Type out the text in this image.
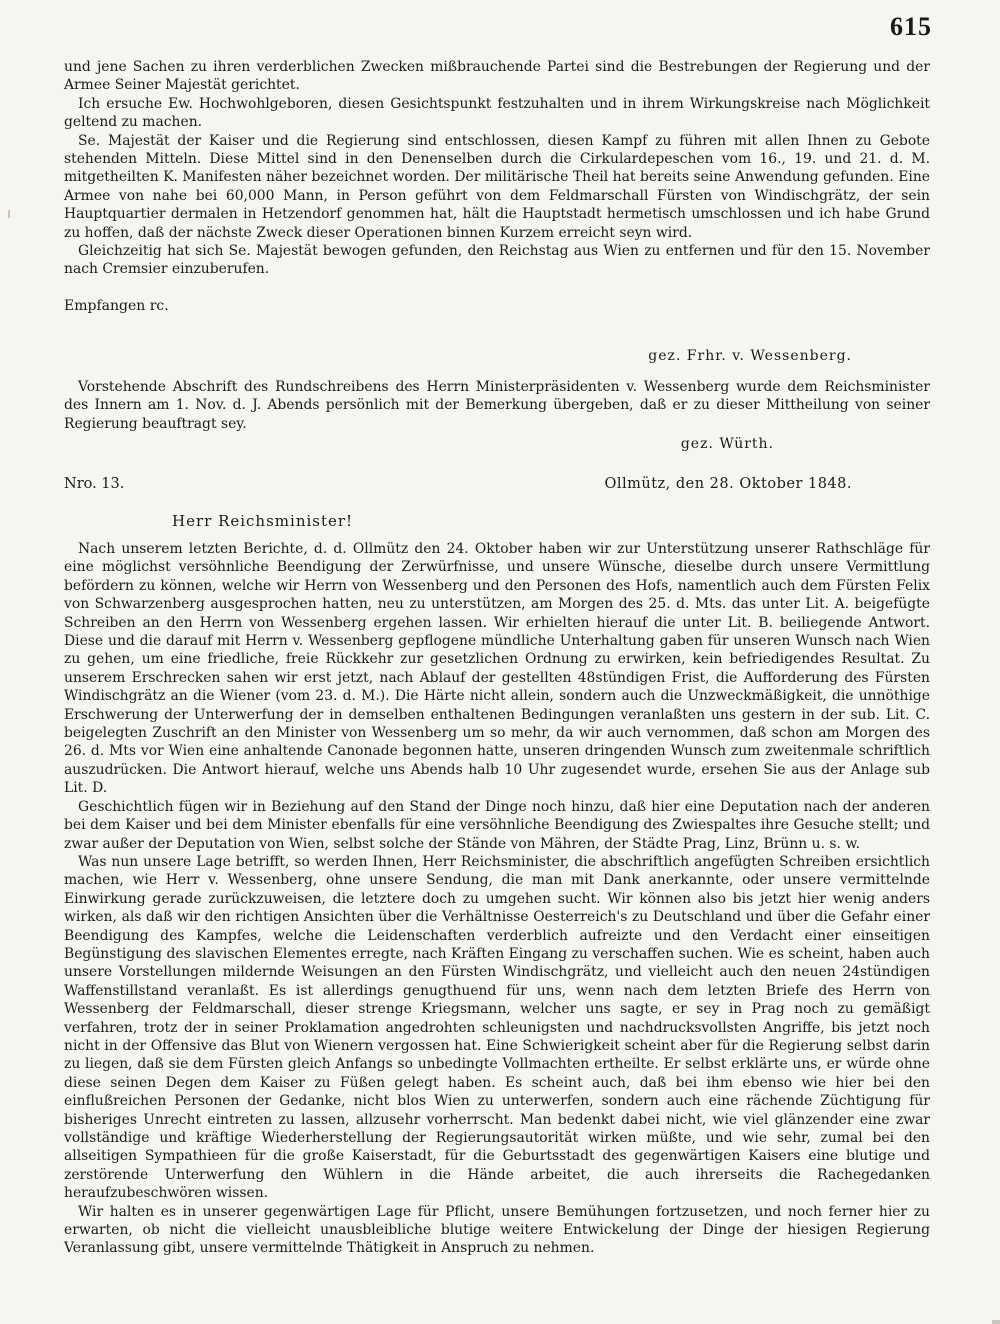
615

und jene Sachen zu ihren verderblichen Zwecken mißbrauchende Partei sind die Bestrebungen der Regierung und der Armee Seiner Majestät gerichtet.

Ich ersuche Ew. Hochwohlgeboren, diesen Gesichtspunkt festzuhalten und in ihrem Wirkungskreise nach Möglichkeit geltend zu machen.

Se. Majestät der Kaiser und die Regierung sind entschlossen, diesen Kampf zu führen mit allen Ihnen zu Gebote stehenden Mitteln. Diese Mittel sind in den Denenselben durch die Cirkulardepeschen vom 16., 19. und 21. d. M. mitgetheilten K. Manifesten näher bezeichnet worden. Der militärische Theil hat bereits seine Anwendung gefunden. Eine Armee von nahe bei 60,000 Mann, in Person geführt von dem Feldmarschall Fürsten von Windischgrätz, der sein Hauptquartier dermalen in Hetzendorf genommen hat, hält die Hauptstadt hermetisch umschlossen und ich habe Grund zu hoffen, daß der nächste Zweck dieser Operationen binnen Kurzem erreicht seyn wird.

Gleichzeitig hat sich Se. Majestät bewogen gefunden, den Reichstag aus Wien zu entfernen und für den 15. November nach Cremsier einzuberufen.

Empfangen rc.
gez. Frhr. v. Wessenberg.

Vorstehende Abschrift des Rundschreibens des Herrn Ministerpräsidenten v. Wessenberg wurde dem Reichsminister des Innern am 1. Nov. d. J. Abends persönlich mit der Bemerkung übergeben, daß er zu dieser Mittheilung von seiner Regierung beauftragt sey.

gez. Würth.
Nro. 13.	Ollmütz, den 28. Oktober 1848.
Herr Reichsminister!

Nach unserem letzten Berichte, d. d. Ollmütz den 24. Oktober haben wir zur Unterstützung unserer Rathschläge für eine möglichst versöhnliche Beendigung der Zerwürfnisse, und unsere Wünsche, dieselbe durch unsere Vermittlung befördern zu können, welche wir Herrn von Wessenberg und den Personen des Hofs, namentlich auch dem Fürsten Felix von Schwarzenberg ausgesprochen hatten, neu zu unterstützen, am Morgen des 25. d. Mts. das unter Lit. A. beigefügte Schreiben an den Herrn von Wessenberg ergehen lassen. Wir erhielten hierauf die unter Lit. B. beiliegende Antwort. Diese und die darauf mit Herrn v. Wessenberg gepflogene mündliche Unterhaltung gaben für unseren Wunsch nach Wien zu gehen, um eine friedliche, freie Rückkehr zur gesetzlichen Ordnung zu erwirken, kein befriedigendes Resultat. Zu unserem Erschrecken sahen wir erst jetzt, nach Ablauf der gestellten 48stündigen Frist, die Aufforderung des Fürsten Windischgrätz an die Wiener (vom 23. d. M.). Die Härte nicht allein, sondern auch die Unzweckmäßigkeit, die unnöthige Erschwerung der Unterwerfung der in demselben enthaltenen Bedingungen veranlaßten uns gestern in der sub. Lit. C. beigelegten Zuschrift an den Minister von Wessenberg um so mehr, da wir auch vernommen, daß schon am Morgen des 26. d. Mts vor Wien eine anhaltende Canonade begonnen hatte, unseren dringenden Wunsch zum zweitenmale schriftlich auszudrücken. Die Antwort hierauf, welche uns Abends halb 10 Uhr zugesendet wurde, ersehen Sie aus der Anlage sub Lit. D.

Geschichtlich fügen wir in Beziehung auf den Stand der Dinge noch hinzu, daß hier eine Deputation nach der anderen bei dem Kaiser und bei dem Minister ebenfalls für eine versöhnliche Beendigung des Zwiespaltes ihre Gesuche stellt; und zwar außer der Deputation von Wien, selbst solche der Stände von Mähren, der Städte Prag, Linz, Brünn u. s. w.

Was nun unsere Lage betrifft, so werden Ihnen, Herr Reichsminister, die abschriftlich angefügten Schreiben ersichtlich machen, wie Herr v. Wessenberg, ohne unsere Sendung, die man mit Dank anerkannte, oder unsere vermittelnde Einwirkung gerade zurückzuweisen, die letztere doch zu umgehen sucht. Wir können also bis jetzt hier wenig anders wirken, als daß wir den richtigen Ansichten über die Verhältnisse Oesterreich's zu Deutschland und über die Gefahr einer Beendigung des Kampfes, welche die Leidenschaften verderblich aufreizte und den Verdacht einer einseitigen Begünstigung des slavischen Elementes erregte, nach Kräften Eingang zu verschaffen suchen. Wie es scheint, haben auch unsere Vorstellungen mildernde Weisungen an den Fürsten Windischgrätz, und vielleicht auch den neuen 24stündigen Waffenstillstand veranlaßt. Es ist allerdings genugthuend für uns, wenn nach dem letzten Briefe des Herrn von Wessenberg der Feldmarschall, dieser strenge Kriegsmann, welcher uns sagte, er sey in Prag noch zu gemäßigt verfahren, trotz der in seiner Proklamation angedrohten schleunigsten und nachdrucksvollsten Angriffe, bis jetzt noch nicht in der Offensive das Blut von Wienern vergossen hat. Eine Schwierigkeit scheint aber für die Regierung selbst darin zu liegen, daß sie dem Fürsten gleich Anfangs so unbedingte Vollmachten ertheilte. Er selbst erklärte uns, er würde ohne diese seinen Degen dem Kaiser zu Füßen gelegt haben. Es scheint auch, daß bei ihm ebenso wie hier bei den einflußreichen Personen der Gedanke, nicht blos Wien zu unterwerfen, sondern auch eine rächende Züchtigung für bisheriges Unrecht eintreten zu lassen, allzusehr vorherrscht. Man bedenkt dabei nicht, wie viel glänzender eine zwar vollständige und kräftige Wiederherstellung der Regierungsautorität wirken müßte, und wie sehr, zumal bei den allseitigen Sympathieen für die große Kaiserstadt, für die Geburtsstadt des gegenwärtigen Kaisers eine blutige und zerstörende Unterwerfung den Wühlern in die Hände arbeitet, die auch ihrerseits die Rachegedanken heraufzubeschwören wissen.

Wir halten es in unserer gegenwärtigen Lage für Pflicht, unsere Bemühungen fortzusetzen, und noch ferner hier zu erwarten, ob nicht die vielleicht unausbleibliche blutige weitere Entwickelung der Dinge der hiesigen Regierung Veranlassung gibt, unsere vermittelnde Thätigkeit in Anspruch zu nehmen.
